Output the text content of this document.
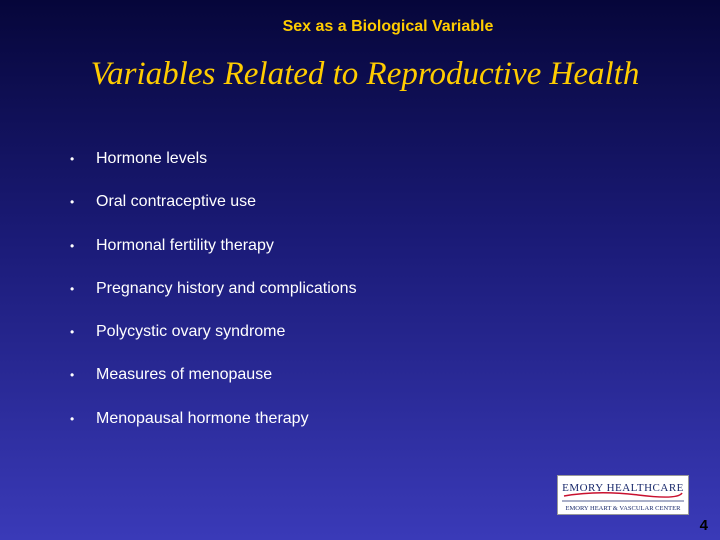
Sex as a Biological Variable
Variables Related to Reproductive Health
• Hormone levels
• Oral contraceptive use
• Hormonal fertility therapy
• Pregnancy history and complications
• Polycystic ovary syndrome
• Measures of menopause
• Menopausal hormone therapy
EMORY HEALTHCARE
EMORY HEART & VASCULAR CENTER
4
